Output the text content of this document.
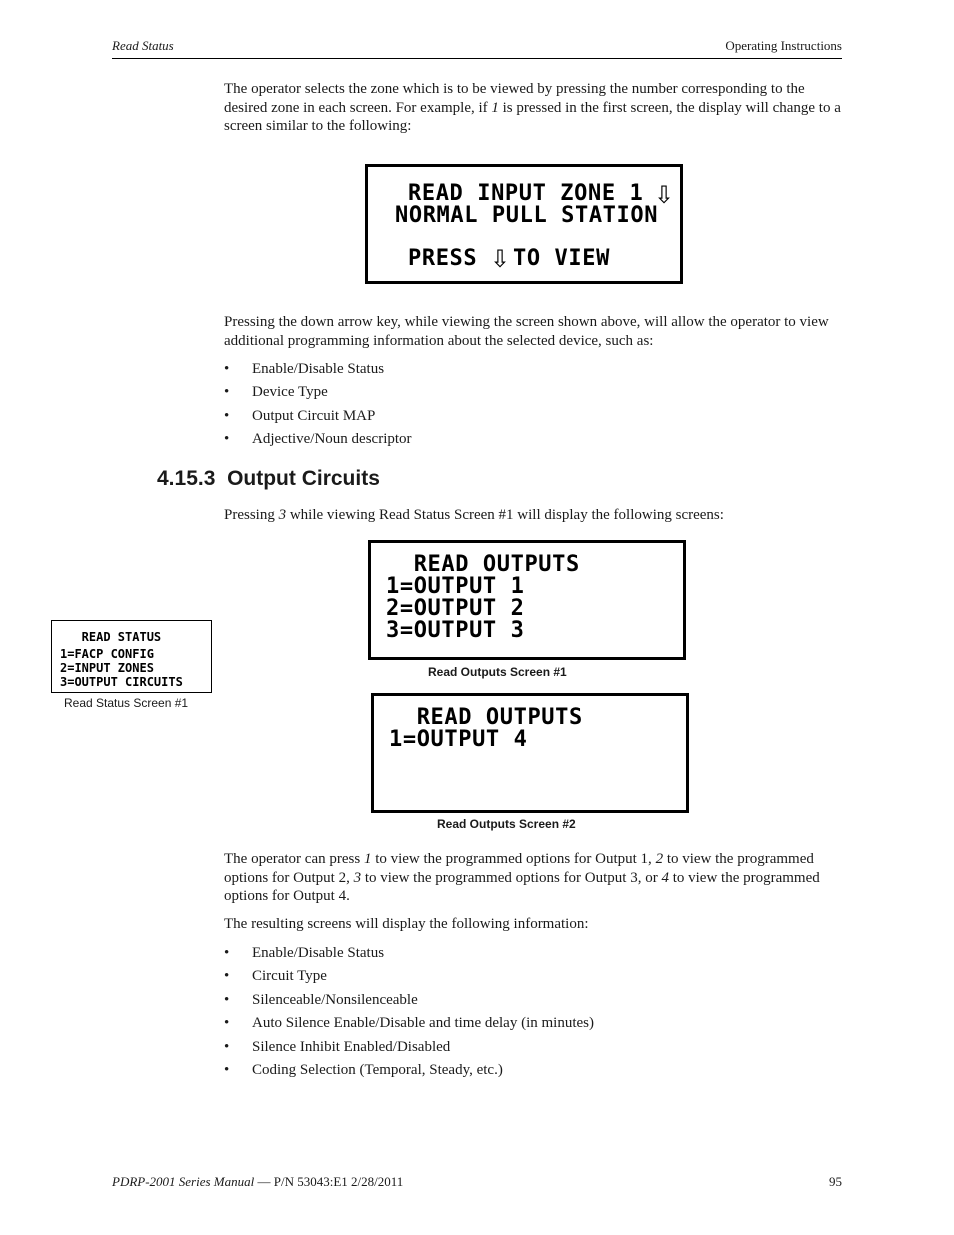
Read Status	Operating Instructions

The operator selects the zone which is to be viewed by pressing the number corresponding to the desired zone in each screen. For example, if 1 is pressed in the first screen, the display will change to a screen similar to the following:

READ INPUT ZONE 1 ⇩
NORMAL PULL STATION
PRESS
⇩ TO VIEW

Pressing the down arrow key, while viewing the screen shown above, will allow the operator to view additional programming information about the selected device, such as:

• Enable/Disable Status
• Device Type
• Output Circuit MAP
• Adjective/Noun descriptor
4.15.3 Output Circuits

Pressing 3 while viewing Read Status Screen #1 will display the following screens:

READ STATUS
1=FACP CONFIG
2=INPUT ZONES
3=OUTPUT CIRCUITS
Read Status Screen #1
READ OUTPUTS
1=OUTPUT 1
2=OUTPUT 2
3=OUTPUT 3
Read Outputs Screen #1
READ OUTPUTS
1=OUTPUT 4
Read Outputs Screen #2

The operator can press 1 to view the programmed options for Output 1, 2 to view the programmed options for Output 2, 3 to view the programmed options for Output 3, or 4 to view the programmed options for Output 4.

The resulting screens will display the following information:

• Enable/Disable Status
• Circuit Type
• Silenceable/Nonsilenceable
• Auto Silence Enable/Disable and time delay (in minutes)
• Silence Inhibit Enabled/Disabled
• Coding Selection (Temporal, Steady, etc.)
PDRP-2001 Series Manual — P/N 53043:E1 2/28/2011	95
